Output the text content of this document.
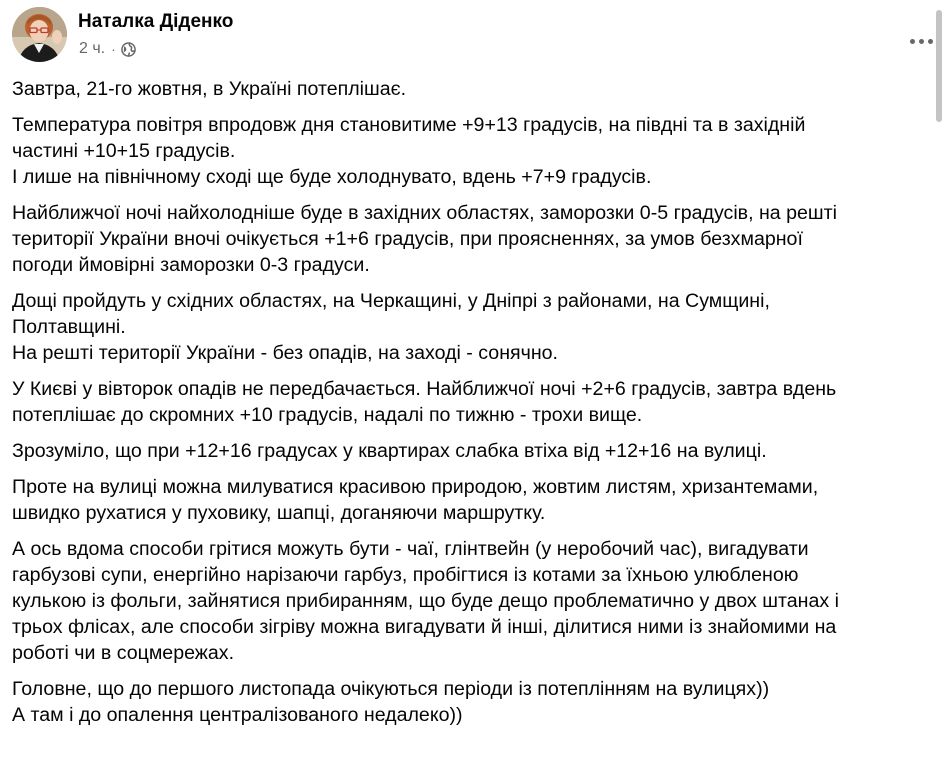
Наталка Діденко
2 ч. ·

Завтра, 21-го жовтня, в Україні потеплішає.

Температура повітря впродовж дня становитиме +9+13 градусів, на півдні та в західній
частині +10+15 градусів.
І лише на північному сході ще буде холоднувато, вдень +7+9 градусів.

Найближчої ночі найхолодніше буде в західних областях, заморозки 0-5 градусів, на решті
території України вночі очікується +1+6 градусів, при проясненнях, за умов безхмарної
погоди ймовірні заморозки 0-3 градуси.

Дощі пройдуть у східних областях, на Черкащині, у Дніпрі з районами, на Сумщині,
Полтавщині.
На решті території України - без опадів, на заході - сонячно.

У Києві у вівторок опадів не передбачається. Найближчої ночі +2+6 градусів, завтра вдень
потеплішає до скромних +10 градусів, надалі по тижню - трохи вище.

Зрозуміло, що при +12+16 градусах у квартирах слабка втіха від +12+16 на вулиці.

Проте на вулиці можна милуватися красивою природою, жовтим листям, хризантемами,
швидко рухатися у пуховику, шапці, доганяючи маршрутку.

А ось вдома способи грітися можуть бути - чаї, глінтвейн (у неробочий час), вигадувати
гарбузові супи, енергійно нарізаючи гарбуз, пробігтися із котами за їхньою улюбленою
кулькою із фольги, зайнятися прибиранням, що буде дещо проблематично у двох штанах і
трьох флісах, але способи зігріву можна вигадувати й інші, ділитися ними із знайомими на
роботі чи в соцмережах.

Головне, що до першого листопада очікуються періоди із потеплінням на вулицях))
А там і до опалення централізованого недалеко))
